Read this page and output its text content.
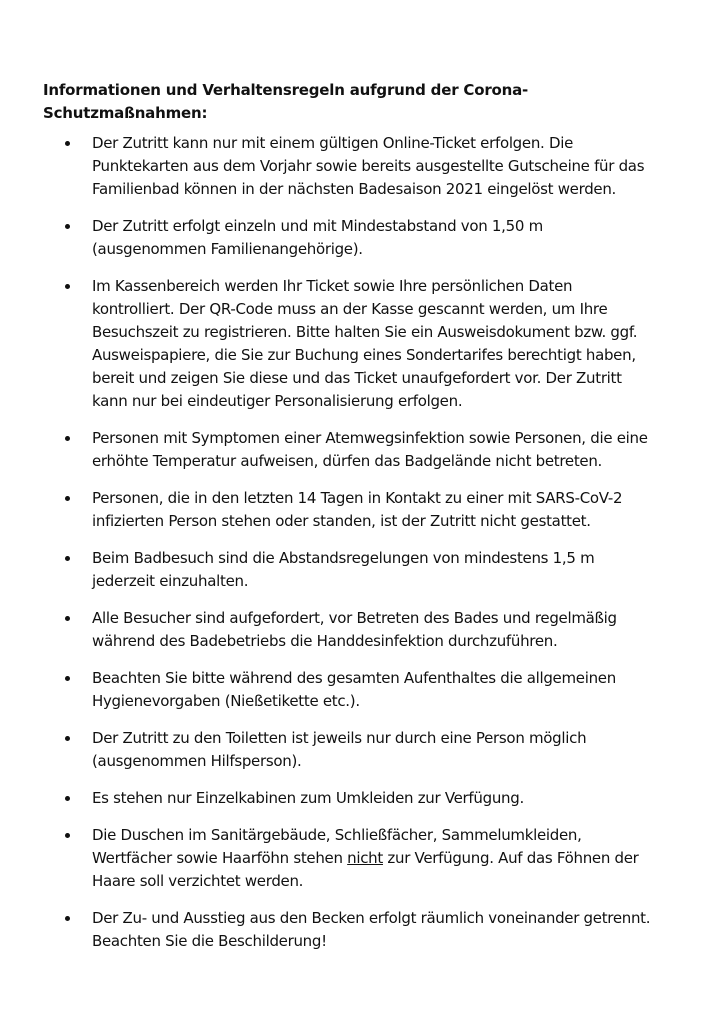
Informationen und Verhaltensregeln aufgrund der Corona-Schutzmaßnahmen:
Der Zutritt kann nur mit einem gültigen Online-Ticket erfolgen. Die Punktekarten aus dem Vorjahr sowie bereits ausgestellte Gutscheine für das Familienbad können in der nächsten Badesaison 2021 eingelöst werden.
Der Zutritt erfolgt einzeln und mit Mindestabstand von 1,50 m (ausgenommen Familienangehörige).
Im Kassenbereich werden Ihr Ticket sowie Ihre persönlichen Daten kontrolliert. Der QR-Code muss an der Kasse gescannt werden, um Ihre Besuchszeit zu registrieren. Bitte halten Sie ein Ausweisdokument bzw. ggf. Ausweispapiere, die Sie zur Buchung eines Sondertarifes berechtigt haben, bereit und zeigen Sie diese und das Ticket unaufgefordert vor. Der Zutritt kann nur bei eindeutiger Personalisierung erfolgen.
Personen mit Symptomen einer Atemwegsinfektion sowie Personen, die eine erhöhte Temperatur aufweisen, dürfen das Badgelände nicht betreten.
Personen, die in den letzten 14 Tagen in Kontakt zu einer mit SARS-CoV-2 infizierten Person stehen oder standen, ist der Zutritt nicht gestattet.
Beim Badbesuch sind die Abstandsregelungen von mindestens 1,5 m jederzeit einzuhalten.
Alle Besucher sind aufgefordert, vor Betreten des Bades und regelmäßig während des Badebetriebs die Handdesinfektion durchzuführen.
Beachten Sie bitte während des gesamten Aufenthaltes die allgemeinen Hygienevorgaben (Nießetikette etc.).
Der Zutritt zu den Toiletten ist jeweils nur durch eine Person möglich (ausgenommen Hilfsperson).
Es stehen nur Einzelkabinen zum Umkleiden zur Verfügung.
Die Duschen im Sanitärgebäude, Schließfächer, Sammelumkleiden, Wertfächer sowie Haarföhn stehen nicht zur Verfügung. Auf das Föhnen der Haare soll verzichtet werden.
Der Zu- und Ausstieg aus den Becken erfolgt räumlich voneinander getrennt. Beachten Sie die Beschilderung!
